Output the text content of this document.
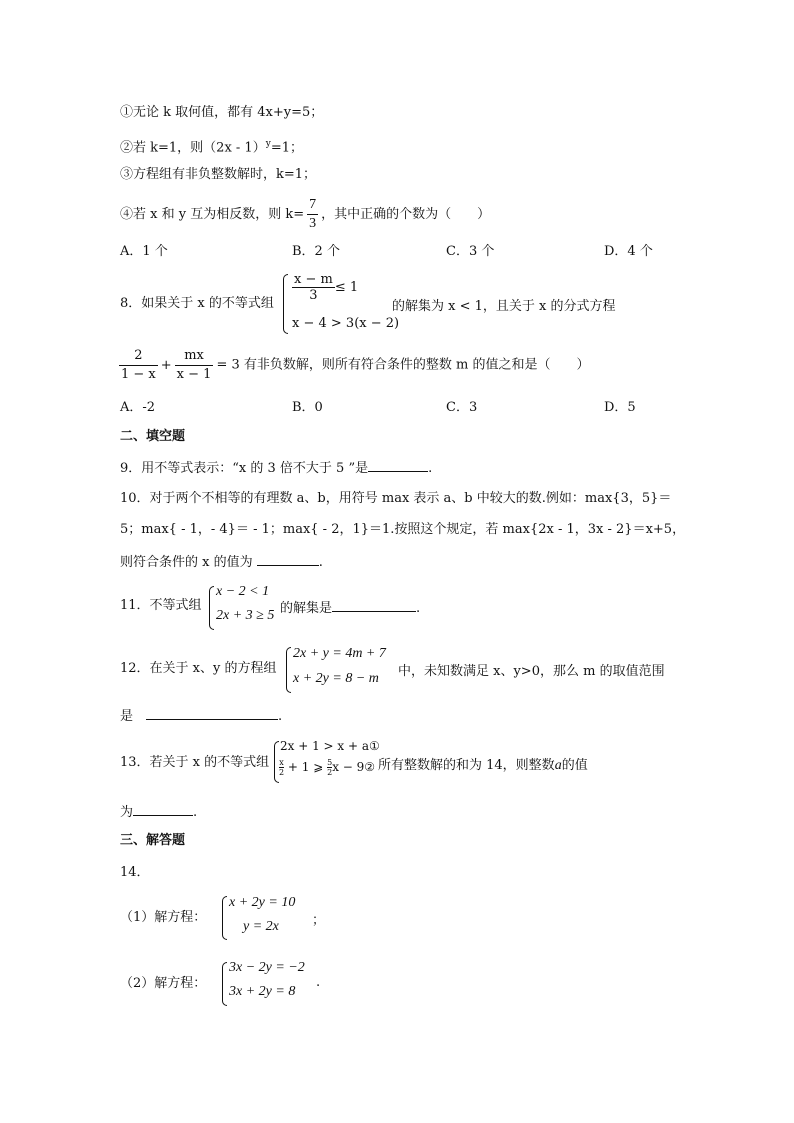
①无论 k 取何值，都有 4x+y=5；
②若 k=1，则（2x - 1）$^y$=1；
③方程组有非负整数解时，k=1；
④若 x 和 y 互为相反数，则 $k= \frac{7}{3}$ ，其中正确的个数为（　　）
A．1 个	B．2 个	C．3 个	D．4 个
8．如果关于 x 的不等式组
$\frac{x - m}{3} \le 1$
x − 4 > 3(x − 2)
的解集为 x < 1，且关于 x 的分式方程
$\frac{2}{1 - x} + \frac{mx}{x - 1} = 3$ 有非负数解，则所有符合条件的整数 m 的值之和是（　　）
A．-2	B．0	C．3	D．5
二、填空题
9．用不等式表示：“x 的 3 倍不大于 5 ”是	.
10．对于两个不相等的有理数 a、b，用符号 max 表示 a、b 中较大的数.例如：max{3，5}＝
5；max{ - 1，- 4}＝ - 1；max{ - 2，1}＝1.按照这个规定，若 max{2x - 1，3x - 2}＝x+5，
则符合条件的 x 的值为	.
11．不等式组
x − 2 < 1
2x + 3 ≥ 5 的解集是	.
12．在关于 x、y 的方程组
2x + y = 4m + 7
x + 2y = 8 − m 中，未知数满足 x、y>0，那么 m 的取值范围
是　	.
13．若关于 x 的不等式组
2x + 1 > x + a①
$\frac{x}{2} + 1$ ⩾ $\frac{5}{2}$ x − 9② 所有整数解的和为 14，则整数a的值
为	.
三、解答题
14．
（1）解方程：
x + 2y = 10
y = 2x	；
（2）解方程：
3x − 2y = −2
3x + 2y = 8
.
